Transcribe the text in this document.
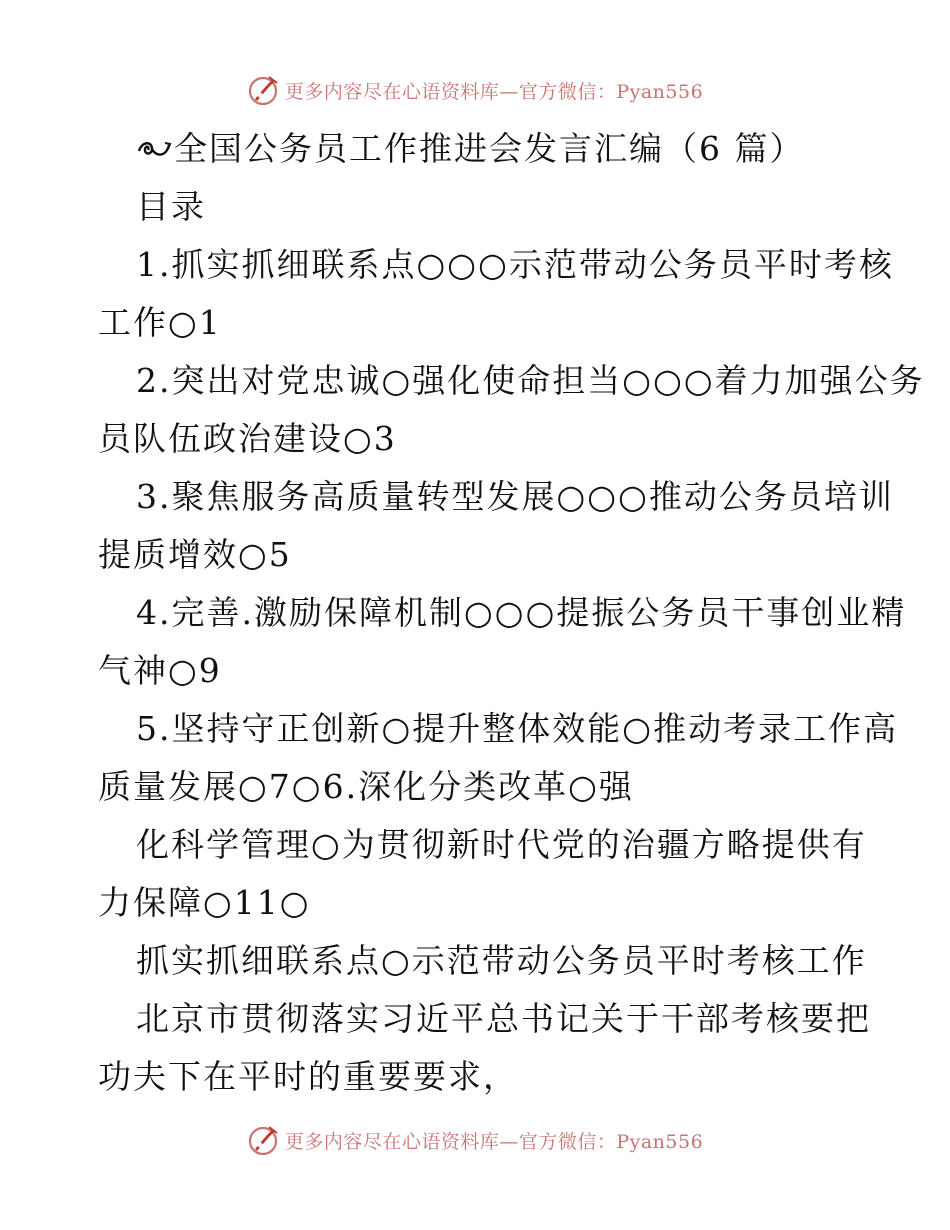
更多内容尽在心语资料库—官方微信：Pyan556
全国公务员工作推进会发言汇编（6 篇）
目录
1.抓实抓细联系点○○○示范带动公务员平时考核
工作○1
2.突出对党忠诚○强化使命担当○○○着力加强公务
员队伍政治建设○3
3.聚焦服务高质量转型发展○○○推动公务员培训
提质增效○5
4.完善.激励保障机制○○○提振公务员干事创业精
气神○9
5.坚持守正创新○提升整体效能○推动考录工作高
质量发展○7○6.深化分类改革○强
化科学管理○为贯彻新时代党的治疆方略提供有
力保障○11○
抓实抓细联系点○示范带动公务员平时考核工作
北京市贯彻落实习近平总书记关于干部考核要把
功夫下在平时的重要要求，
更多内容尽在心语资料库—官方微信：Pyan556
